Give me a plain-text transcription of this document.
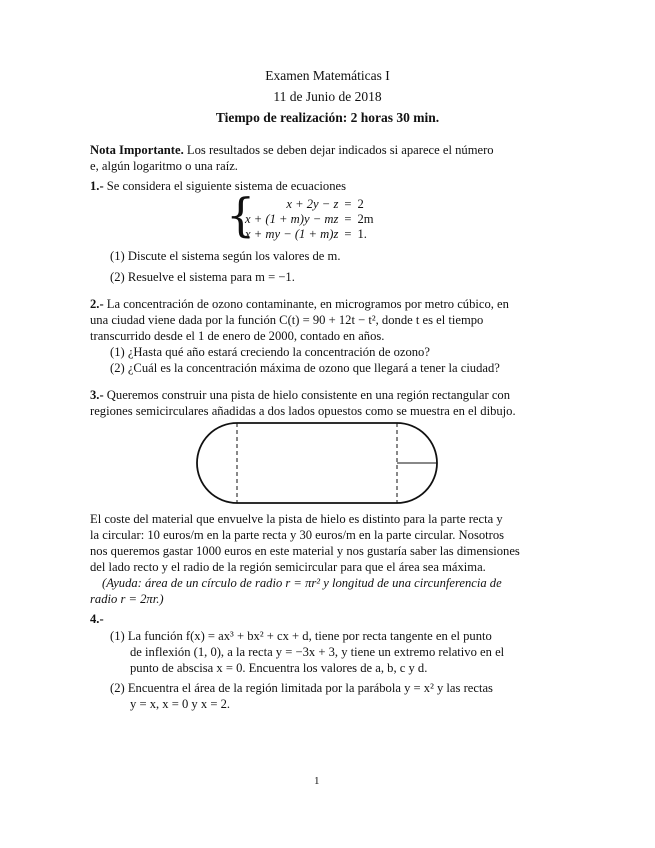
Examen Matemáticas I
11 de Junio de 2018
Tiempo de realización: 2 horas 30 min.
Nota Importante. Los resultados se deben dejar indicados si aparece el número
e, algún logaritmo o una raíz.
1.- Se considera el siguiente sistema de ecuaciones
{ x + 2y − z	=	2
x + (1 + m)y − mz	=	2m
x + my − (1 + m)z	=	1.
(1) Discute el sistema según los valores de m.
(2) Resuelve el sistema para m = −1.
2.- La concentración de ozono contaminante, en microgramos por metro cúbico, en
una ciudad viene dada por la función C(t) = 90 + 12t − t², donde t es el tiempo
transcurrido desde el 1 de enero de 2000, contado en años.
(1) ¿Hasta qué año estará creciendo la concentración de ozono?
(2) ¿Cuál es la concentración máxima de ozono que llegará a tener la ciudad?
3.- Queremos construir una pista de hielo consistente en una región rectangular con
regiones semicirculares añadidas a dos lados opuestos como se muestra en el dibujo.
El coste del material que envuelve la pista de hielo es distinto para la parte recta y
la circular: 10 euros/m en la parte recta y 30 euros/m en la parte circular. Nosotros
nos queremos gastar 1000 euros en este material y nos gustaría saber las dimensiones
del lado recto y el radio de la región semicircular para que el área sea máxima.
(Ayuda: área de un círculo de radio r = πr² y longitud de una circunferencia de
radio r = 2πr.)
4.-
(1) La función f(x) = ax³ + bx² + cx + d, tiene por recta tangente en el punto
de inflexión (1, 0), a la recta y = −3x + 3, y tiene un extremo relativo en el
punto de abscisa x = 0. Encuentra los valores de a, b, c y d.
(2) Encuentra el área de la región limitada por la parábola y = x² y las rectas
y = x, x = 0 y x = 2.
1
